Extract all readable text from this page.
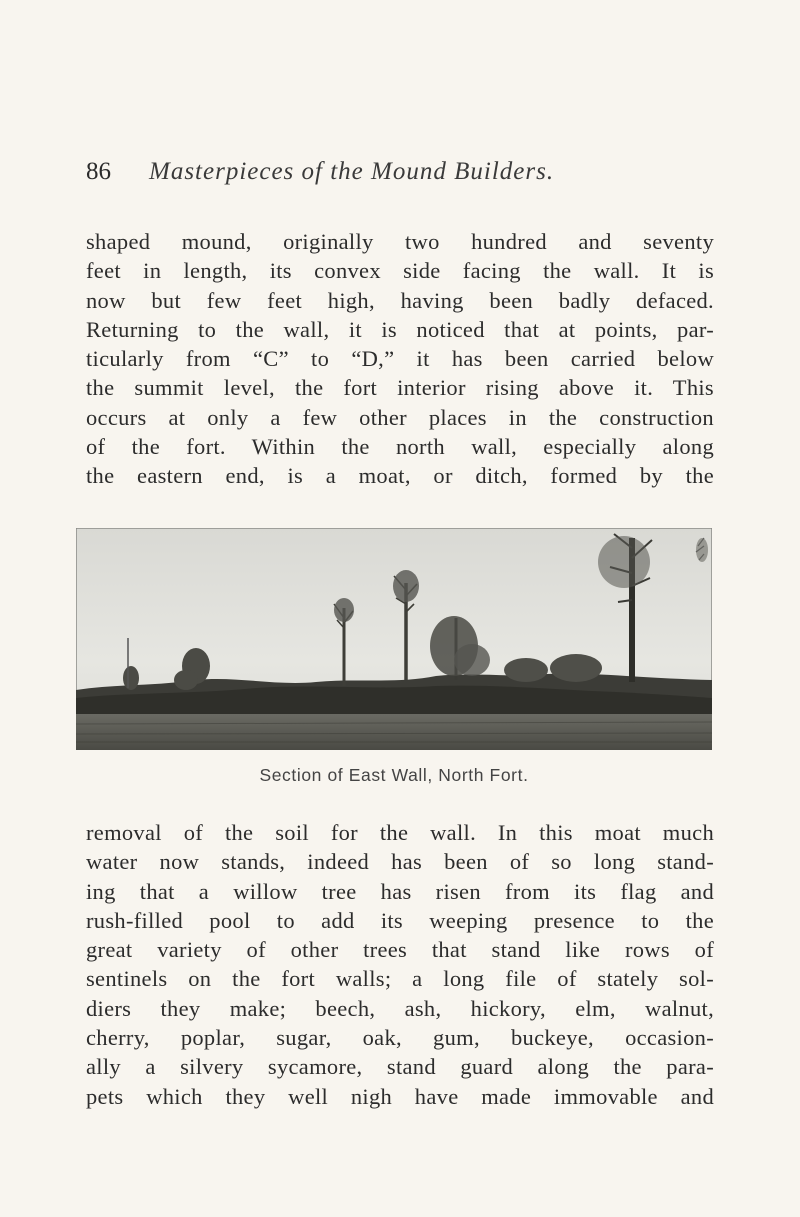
86 Masterpieces of the Mound Builders.
shaped mound, originally two hundred and seventy
feet in length, its convex side facing the wall. It is
now but few feet high, having been badly defaced.
Returning to the wall, it is noticed that at points, par-
ticularly from “C” to “D,” it has been carried below
the summit level, the fort interior rising above it. This
occurs at only a few other places in the construction
of the fort. Within the north wall, especially along
the eastern end, is a moat, or ditch, formed by the
Section of East Wall, North Fort.
removal of the soil for the wall. In this moat much
water now stands, indeed has been of so long stand-
ing that a willow tree has risen from its flag and
rush-filled pool to add its weeping presence to the
great variety of other trees that stand like rows of
sentinels on the fort walls; a long file of stately sol-
diers they make; beech, ash, hickory, elm, walnut,
cherry, poplar, sugar, oak, gum, buckeye, occasion-
ally a silvery sycamore, stand guard along the para-
pets which they well nigh have made immovable and
